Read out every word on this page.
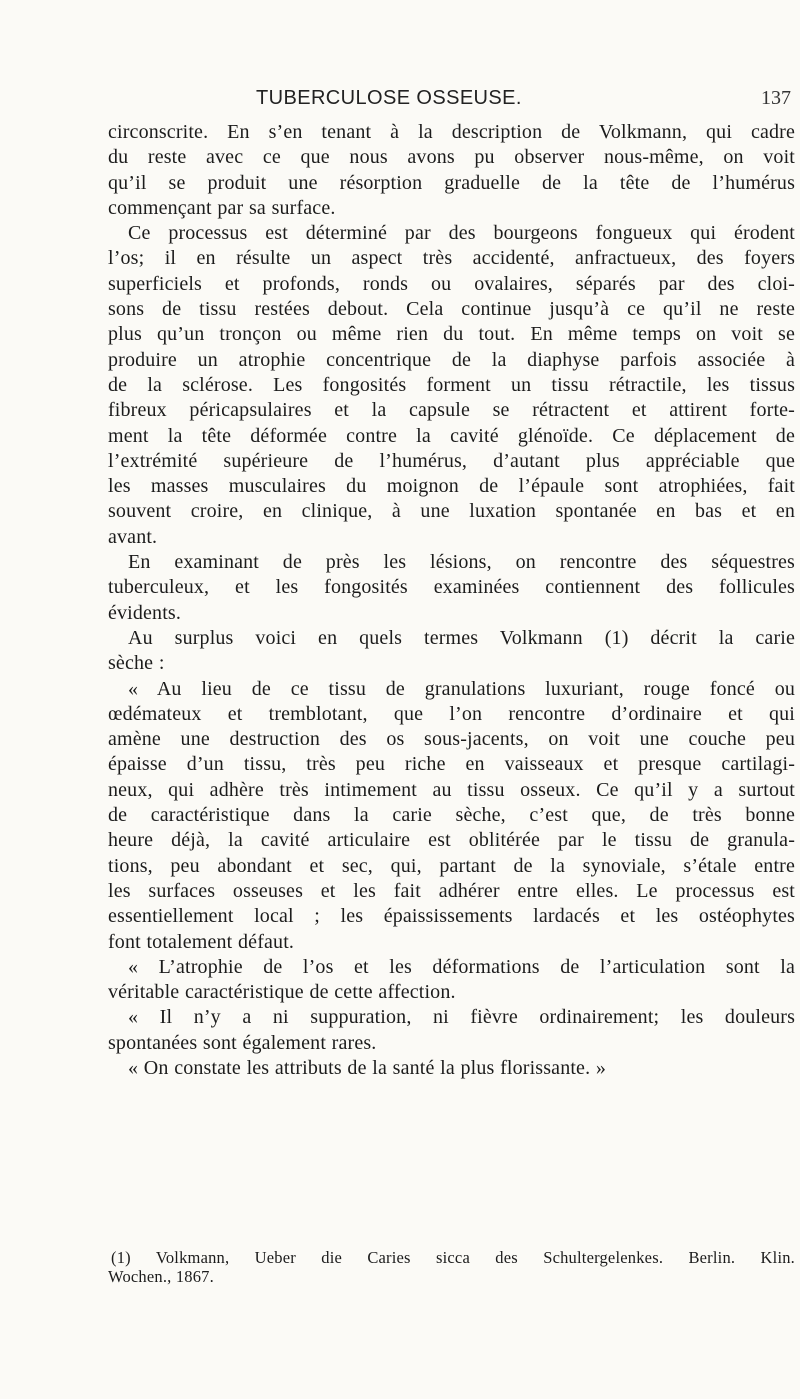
TUBERCULOSE OSSEUSE.	137

circonscrite. En s’en tenant à la description de Volkmann, qui cadre

du reste avec ce que nous avons pu observer nous-même, on voit

qu’il se produit une résorption graduelle de la tête de l’humérus

commençant par sa surface.

Ce processus est déterminé par des bourgeons fongueux qui érodent

l’os; il en résulte un aspect très accidenté, anfractueux, des foyers

superficiels et profonds, ronds ou ovalaires, séparés par des cloi-

sons de tissu restées debout. Cela continue jusqu’à ce qu’il ne reste

plus qu’un tronçon ou même rien du tout. En même temps on voit se

produire un atrophie concentrique de la diaphyse parfois associée à

de la sclérose. Les fongosités forment un tissu rétractile, les tissus

fibreux péricapsulaires et la capsule se rétractent et attirent forte-

ment la tête déformée contre la cavité glénoïde. Ce déplacement de

l’extrémité supérieure de l’humérus, d’autant plus appréciable que

les masses musculaires du moignon de l’épaule sont atrophiées, fait

souvent croire, en clinique, à une luxation spontanée en bas et en

avant.

En examinant de près les lésions, on rencontre des séquestres

tuberculeux, et les fongosités examinées contiennent des follicules

évidents.

Au surplus voici en quels termes Volkmann (1) décrit la carie

sèche :

« Au lieu de ce tissu de granulations luxuriant, rouge foncé ou

œdémateux et tremblotant, que l’on rencontre d’ordinaire et qui

amène une destruction des os sous-jacents, on voit une couche peu

épaisse d’un tissu, très peu riche en vaisseaux et presque cartilagi-

neux, qui adhère très intimement au tissu osseux. Ce qu’il y a surtout

de caractéristique dans la carie sèche, c’est que, de très bonne

heure déjà, la cavité articulaire est oblitérée par le tissu de granula-

tions, peu abondant et sec, qui, partant de la synoviale, s’étale entre

les surfaces osseuses et les fait adhérer entre elles. Le processus est

essentiellement local ; les épaississements lardacés et les ostéophytes

font totalement défaut.

« L’atrophie de l’os et les déformations de l’articulation sont la

véritable caractéristique de cette affection.

« Il n’y a ni suppuration, ni fièvre ordinairement; les douleurs

spontanées sont également rares.

« On constate les attributs de la santé la plus florissante. »

(1) Volkmann, Ueber die Caries sicca des Schultergelenkes. Berlin. Klin.

Wochen., 1867.
